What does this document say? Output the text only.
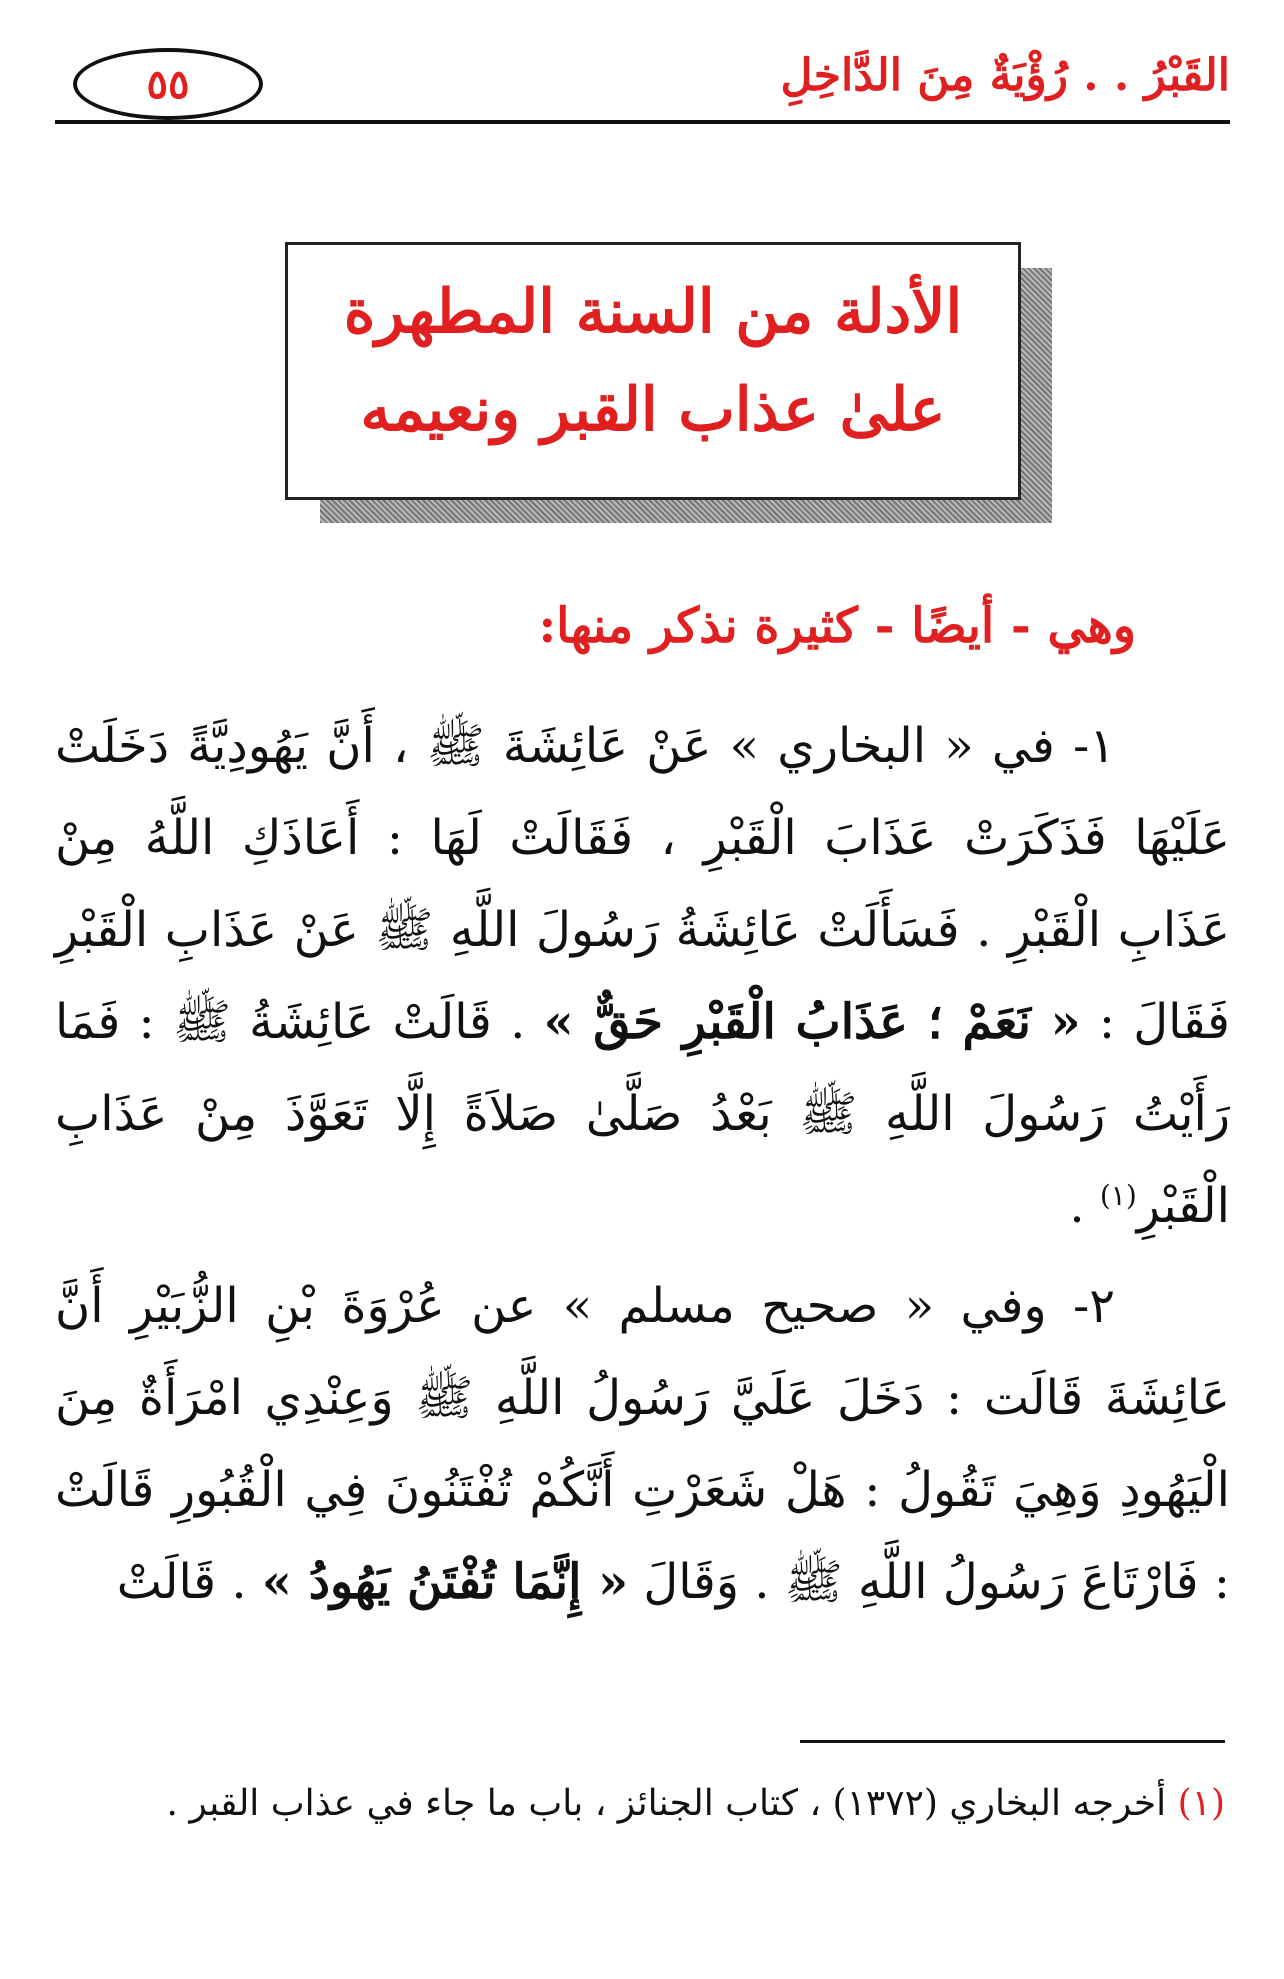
٥٥	القَبْرُ . . رُؤْيَةٌ مِنَ الدَّاخِلِ
الأدلة من السنة المطهرة
علىٰ عذاب القبر ونعيمه
وهي - أيضًا - كثيرة نذكر منها:

١- في « البخاري » عَنْ عَائِشَةَ ﷺ ، أَنَّ يَهُودِيَّةً دَخَلَتْ عَلَيْهَا فَذَكَرَتْ عَذَابَ الْقَبْرِ ، فَقَالَتْ لَهَا : أَعَاذَكِ اللَّهُ مِنْ عَذَابِ الْقَبْرِ . فَسَأَلَتْ عَائِشَةُ رَسُولَ اللَّهِ ﷺ عَنْ عَذَابِ الْقَبْرِ فَقَالَ : « نَعَمْ ؛ عَذَابُ الْقَبْرِ حَقٌّ » . قَالَتْ عَائِشَةُ ﷺ : فَمَا رَأَيْتُ رَسُولَ اللَّهِ ﷺ بَعْدُ صَلَّىٰ صَلاَةً إِلَّا تَعَوَّذَ مِنْ عَذَابِ الْقَبْرِ$^{(١)}$ .

٢- وفي « صحيح مسلم » عن عُرْوَةَ بْنِ الزُّبَيْرِ أَنَّ عَائِشَةَ قَالَت : دَخَلَ عَلَيَّ رَسُولُ اللَّهِ ﷺ وَعِنْدِي امْرَأَةٌ مِنَ الْيَهُودِ وَهِيَ تَقُولُ : هَلْ شَعَرْتِ أَنَّكُمْ تُفْتَنُونَ فِي الْقُبُورِ قَالَتْ : فَارْتَاعَ رَسُولُ اللَّهِ ﷺ . وَقَالَ « إِنَّمَا تُفْتَنُ يَهُودُ » . قَالَتْ

(١) أخرجه البخاري (١٣٧٢) ، كتاب الجنائز ، باب ما جاء في عذاب القبر .
